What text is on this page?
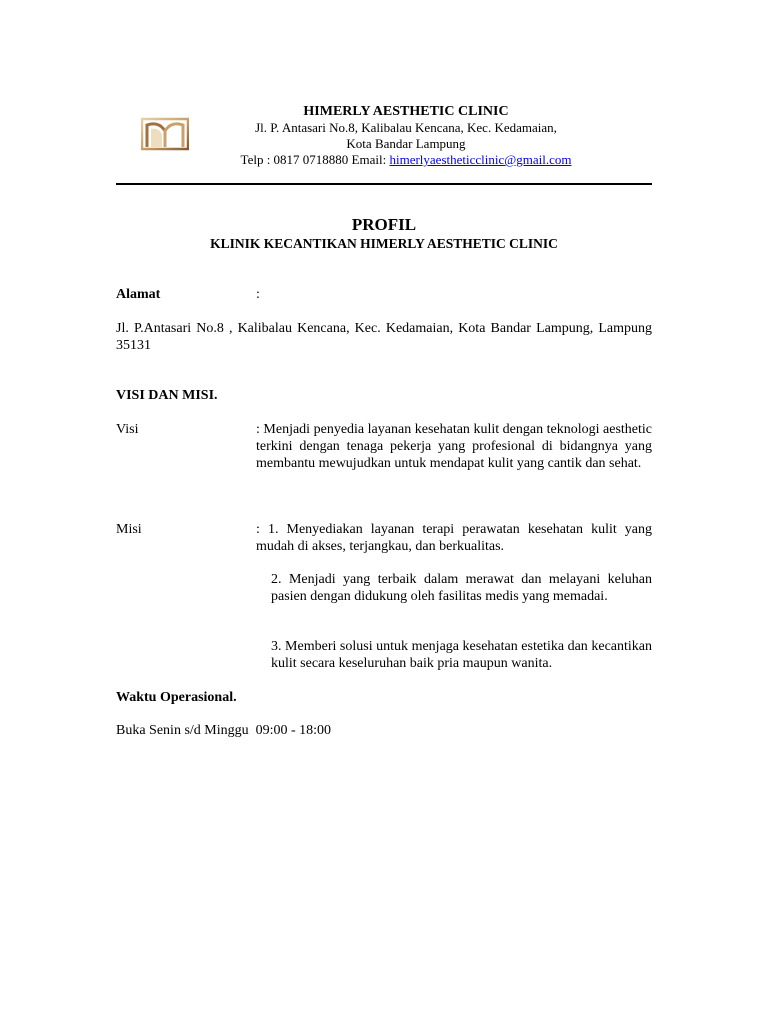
HIMERLY AESTHETIC CLINIC
Jl. P. Antasari No.8, Kalibalau Kencana, Kec. Kedamaian,
Kota Bandar Lampung
Telp : 0817 0718880 Email: himerlyaestheticclinic@gmail.com
PROFIL
KLINIK KECANTIKAN HIMERLY AESTHETIC CLINIC
Alamat	:
Jl. P.Antasari No.8 , Kalibalau Kencana, Kec. Kedamaian, Kota Bandar Lampung, Lampung 35131
VISI DAN MISI.
Visi	: Menjadi penyedia layanan kesehatan kulit dengan teknologi aesthetic terkini dengan tenaga pekerja yang profesional di bidangnya yang membantu mewujudkan untuk mendapat kulit yang cantik dan sehat.
Misi	: 1. Menyediakan layanan terapi perawatan kesehatan kulit yang mudah di akses, terjangkau, dan berkualitas.
2. Menjadi yang terbaik dalam merawat dan melayani keluhan pasien dengan didukung oleh fasilitas medis yang memadai.
3. Memberi solusi untuk menjaga kesehatan estetika dan kecantikan kulit secara keseluruhan baik pria maupun wanita.
Waktu Operasional.
Buka Senin s/d Minggu  09:00 - 18:00
